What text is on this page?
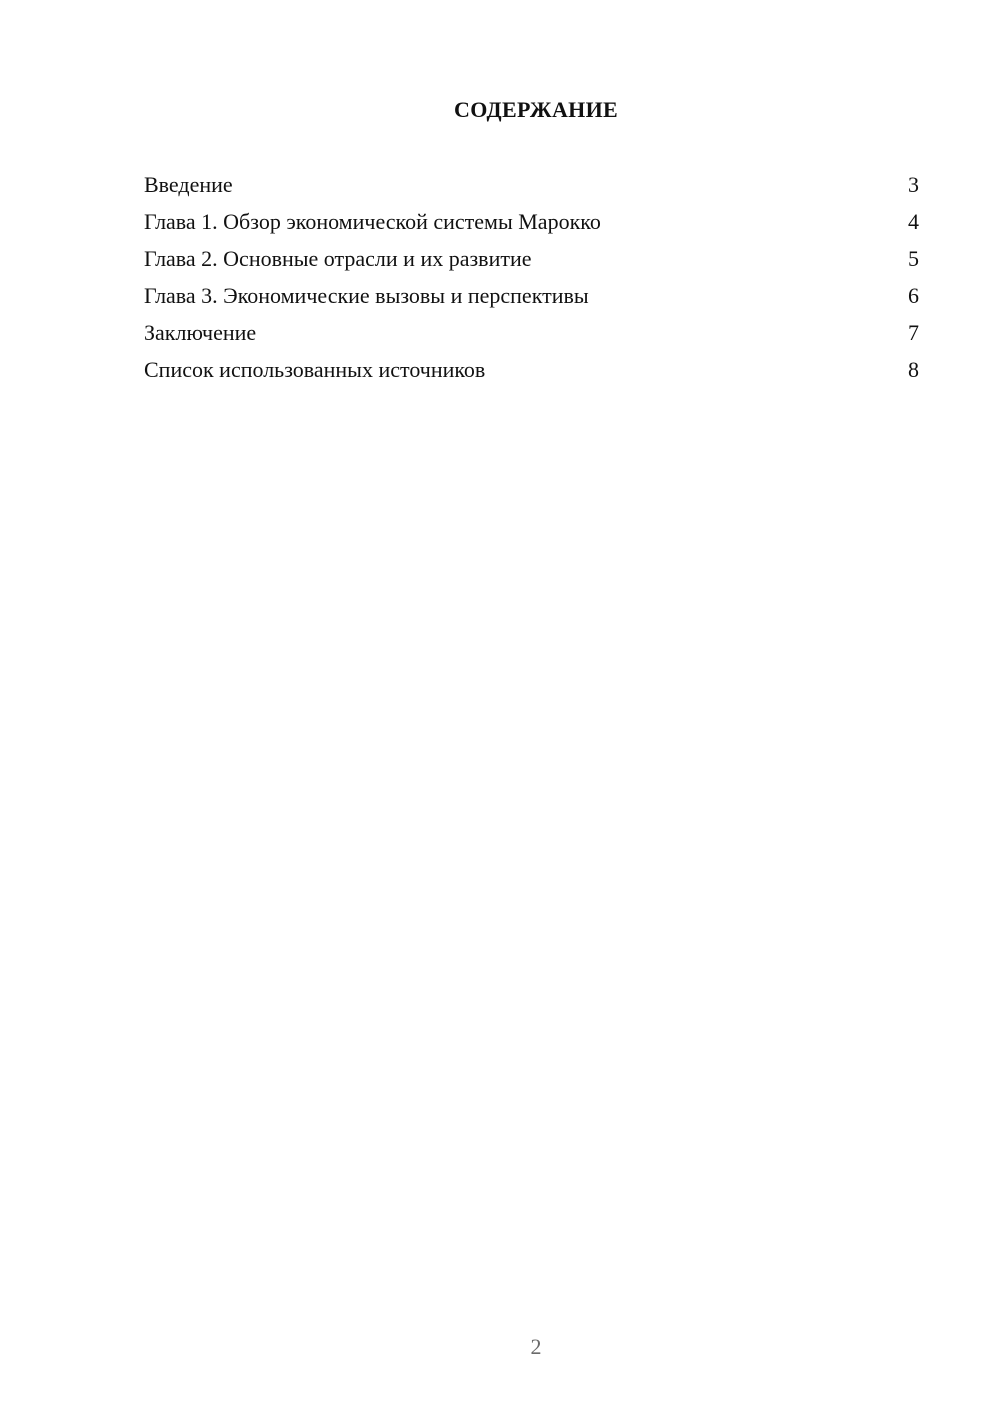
СОДЕРЖАНИЕ
Введение	3
Глава 1. Обзор экономической системы Марокко	4
Глава 2. Основные отрасли и их развитие	5
Глава 3. Экономические вызовы и перспективы	6
Заключение	7
Список использованных источников	8
2
